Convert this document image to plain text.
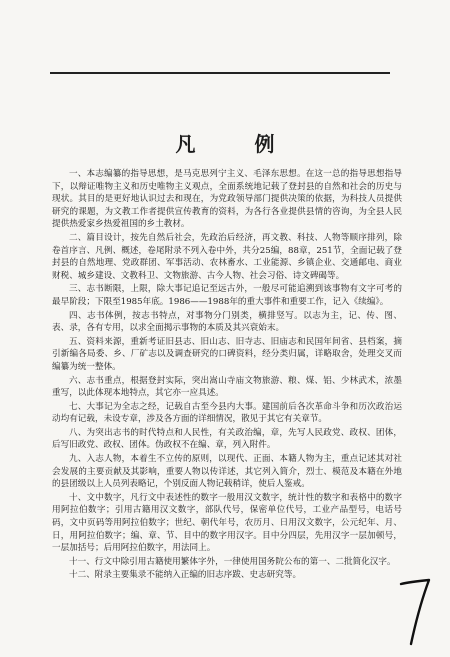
凡 例

一、本志编纂的指导思想，是马克思列宁主义、毛泽东思想。在这一总的指导思想指导下，以辩证唯物主义和历史唯物主义观点，全面系统地记载了登封县的自然和社会的历史与现状。其目的是更好地认识过去和现在，为党政领导部门提供决策的依据，为科技人员提供研究的课题，为文教工作者提供宣传教育的资料，为各行各业提供县情的咨询，为全县人民提供热爱家乡热爱祖国的乡土教材。

二、篇目设计，按先自然后社会，先政治后经济，再文教、科技、人物等顺序排列，除卷首序言、凡例、概述，卷尾附录不列入卷中外，共分25编，88章，251节，全面记载了登封县的自然地理、党政群团、军事活动、农林畜水、工业能源、乡镇企业、交通邮电、商业财税、城乡建设、文教科卫、文物旅游、古今人物、社会习俗、诗文碑碣等。

三、志书断限，上限，除大事记追记至远古外，一般尽可能追溯到该事物有文字可考的最早阶段；下限至1985年底。1986——1988年的重大事件和重要工作，记入《续编》。

四、志书体例，按志书特点，对事物分门别类，横排竖写。以志为主，记、传、图、表、录，各有专用，以求全面揭示事物的本质及其兴衰始末。

五、资料来源，重新考证旧县志、旧山志、旧寺志、旧庙志和民国年间省、县档案，摘引新编各局委、乡、厂矿志以及调查研究的口碑资料，经分类归属，详略取舍，处理交叉而编纂为统一整体。

六、志书重点，根据登封实际，突出嵩山寺庙文物旅游、粮、煤、铝、少林武术，浓墨重写，以此体现本地特点，其它亦一应具述。

七、大事记为全志之经，记载自古至今县内大事。建国前后各次革命斗争和历次政治运动均有记载，未设专章，涉及各方面的详细情况，散见于其它有关章节。

八、为突出志书的时代特点和人民性，有关政治编，章，先写人民政党、政权、团体，后写旧政党、政权、团体。伪政权不在编、章，列入附件。

九、入志人物，本着生不立传的原则，以现代、正面、本籍人物为主，重点记述其对社会发展的主要贡献及其影响，重要人物以传详述，其它列入简介，烈士、模范及本籍在外地的县团级以上人员列表略记，个别反面人物记载稍详，使后人鉴戒。

十、文中数字，凡行文中表述性的数字一般用汉文数字，统计性的数字和表格中的数字用阿拉伯数字；引用古籍用汉文数字，部队代号，保密单位代号，工业产品型号，电话号码，文中页码等用阿拉伯数字；世纪、朝代年号，农历月、日用汉文数字，公元纪年、月、日，用阿拉伯数字；编、章、节、目中的数字用汉字。目中分四层，先用汉字一层加顿号，一层加括号；后用阿拉伯数字，用法同上。

十一、行文中除引用古籍使用繁体字外，一律使用国务院公布的第一、二批简化汉字。

十二、附录主要集录不能纳入正编的旧志序跋、史志研究等。
